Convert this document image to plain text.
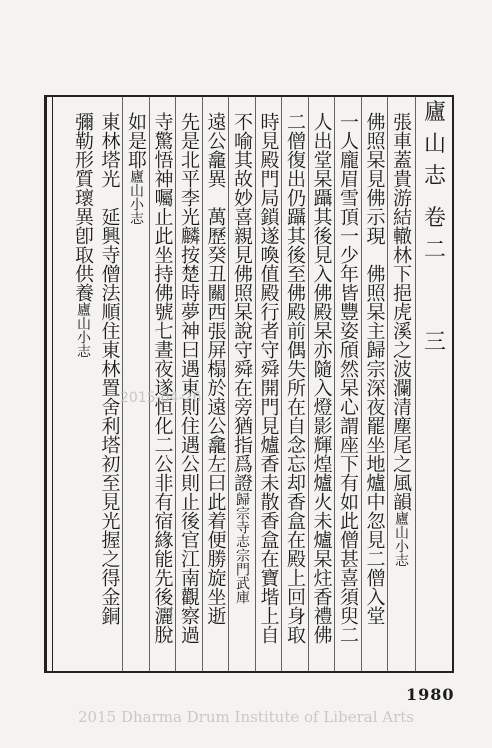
廬
山
志
卷
二
三
張車蓋貴游結轍林下挹虎溪之波瀾清塵尾之風韻廬山小志
佛照杲見佛示現　佛照杲主歸宗深夜罷坐地爐中忽見二僧入堂
一人龐眉雪頂一少年皆豐姿頎然杲心謂座下有如此僧甚喜須臾二
人出堂杲躡其後見入佛殿杲亦隨入燈影輝煌爐火未爐杲炷香禮佛
二僧復出仍躡其後至佛殿前偶失所在自念忘却香盒在殿上回身取
時見殿門局鎖遂喚值殿行者守舜開門見爐香未散香盒在寶堦上自
不喻其故妙喜親見佛照杲說守舜在旁猶指爲證歸宗寺志宗門武庫
遠公龕異　萬歷癸丑關西張屏榻於遠公龕左曰此着便勝旋坐逝
先是北平李光麟按楚時夢神曰遇東則住遇公則止後官江南觀察過
寺驚悟神囑止此坐持佛號七晝夜遂恒化二公非有宿緣能先後灑脫
如是耶廬山小志
1980
2015 Dharma Drum Institute of Liberal Arts
2015-04-26
東林塔光　延興寺僧法順住東林置舍利塔初至見光握之得金銅
彌勒形質瓌異卽取供養廬山小志
